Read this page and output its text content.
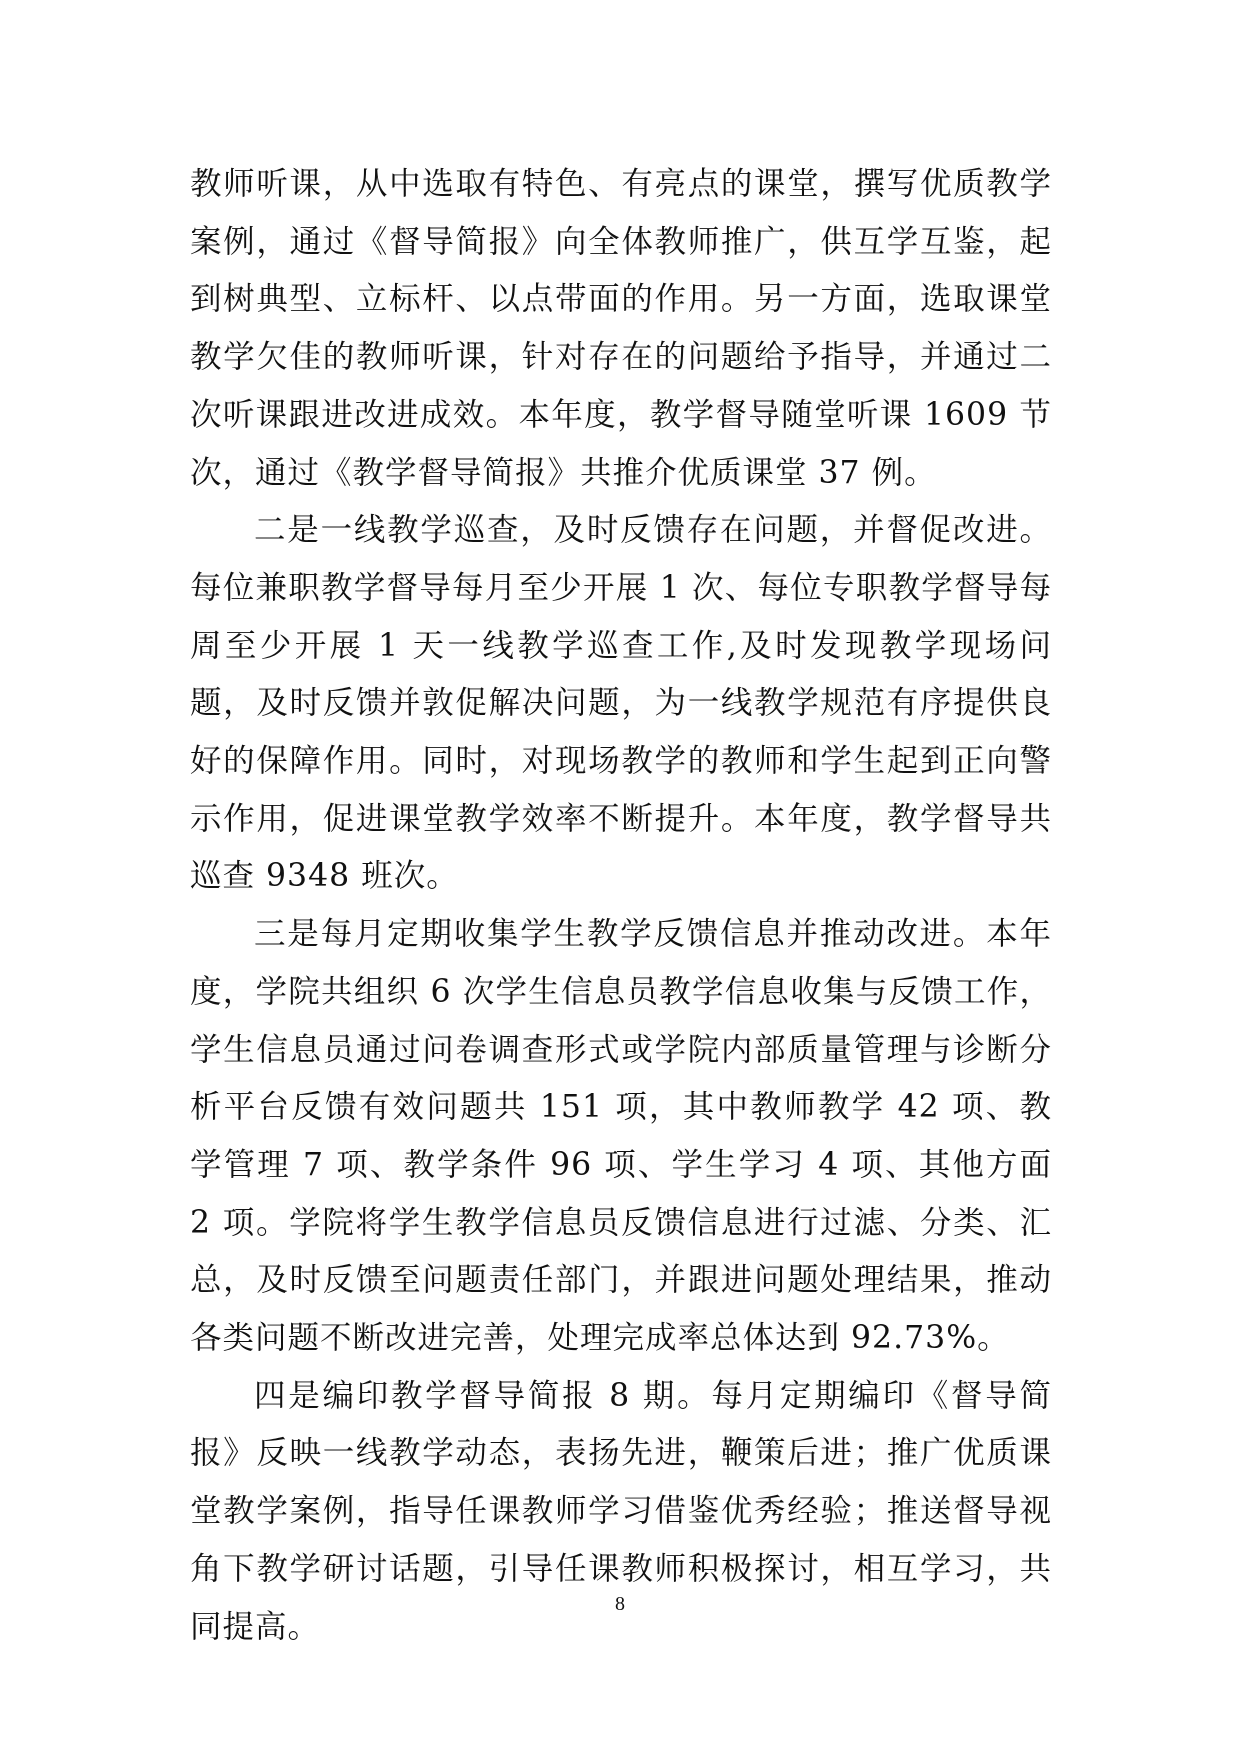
教师听课，从中选取有特色、有亮点的课堂，撰写优质教学案例，通过《督导简报》向全体教师推广，供互学互鉴，起到树典型、立标杆、以点带面的作用。另一方面，选取课堂教学欠佳的教师听课，针对存在的问题给予指导，并通过二次听课跟进改进成效。本年度，教学督导随堂听课 1609 节次，通过《教学督导简报》共推介优质课堂 37 例。

二是一线教学巡查，及时反馈存在问题，并督促改进。每位兼职教学督导每月至少开展 1 次、每位专职教学督导每周至少开展 1 天一线教学巡查工作,及时发现教学现场问题，及时反馈并敦促解决问题，为一线教学规范有序提供良好的保障作用。同时，对现场教学的教师和学生起到正向警示作用，促进课堂教学效率不断提升。本年度，教学督导共巡查 9348 班次。

三是每月定期收集学生教学反馈信息并推动改进。本年度，学院共组织 6 次学生信息员教学信息收集与反馈工作，学生信息员通过问卷调查形式或学院内部质量管理与诊断分析平台反馈有效问题共 151 项，其中教师教学 42 项、教学管理 7 项、教学条件 96 项、学生学习 4 项、其他方面 2 项。学院将学生教学信息员反馈信息进行过滤、分类、汇总，及时反馈至问题责任部门，并跟进问题处理结果，推动各类问题不断改进完善，处理完成率总体达到 92.73%。

四是编印教学督导简报 8 期。每月定期编印《督导简报》反映一线教学动态，表扬先进，鞭策后进；推广优质课堂教学案例，指导任课教师学习借鉴优秀经验；推送督导视角下教学研讨话题，引导任课教师积极探讨，相互学习，共同提高。

8
